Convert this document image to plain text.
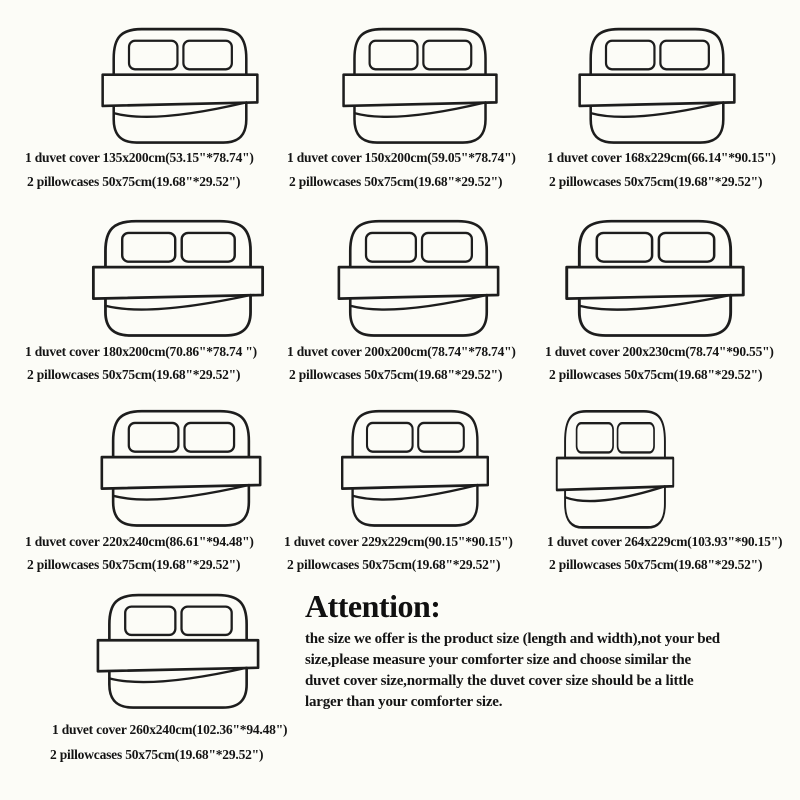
1 duvet cover 135x200cm(53.15"*78.74")
2 pillowcases 50x75cm(19.68"*29.52")
1 duvet cover 150x200cm(59.05"*78.74")
2 pillowcases 50x75cm(19.68"*29.52")
1 duvet cover 168x229cm(66.14"*90.15")
2 pillowcases 50x75cm(19.68"*29.52")
1 duvet cover 180x200cm(70.86"*78.74 ")
2 pillowcases 50x75cm(19.68"*29.52")
1 duvet cover 200x200cm(78.74"*78.74")
2 pillowcases 50x75cm(19.68"*29.52")
1 duvet cover 200x230cm(78.74"*90.55")
2 pillowcases 50x75cm(19.68"*29.52")
1 duvet cover 220x240cm(86.61"*94.48")
2 pillowcases 50x75cm(19.68"*29.52")
1 duvet cover 229x229cm(90.15"*90.15")
2 pillowcases 50x75cm(19.68"*29.52")
1 duvet cover 264x229cm(103.93"*90.15")
2 pillowcases 50x75cm(19.68"*29.52")
1 duvet cover 260x240cm(102.36"*94.48")
2 pillowcases 50x75cm(19.68"*29.52")
Attention:
the size we offer is the product size (length and width),not your bed
size,please measure your comforter size and choose similar the
duvet cover size,normally the duvet cover size should be a little
larger than your comforter size.
